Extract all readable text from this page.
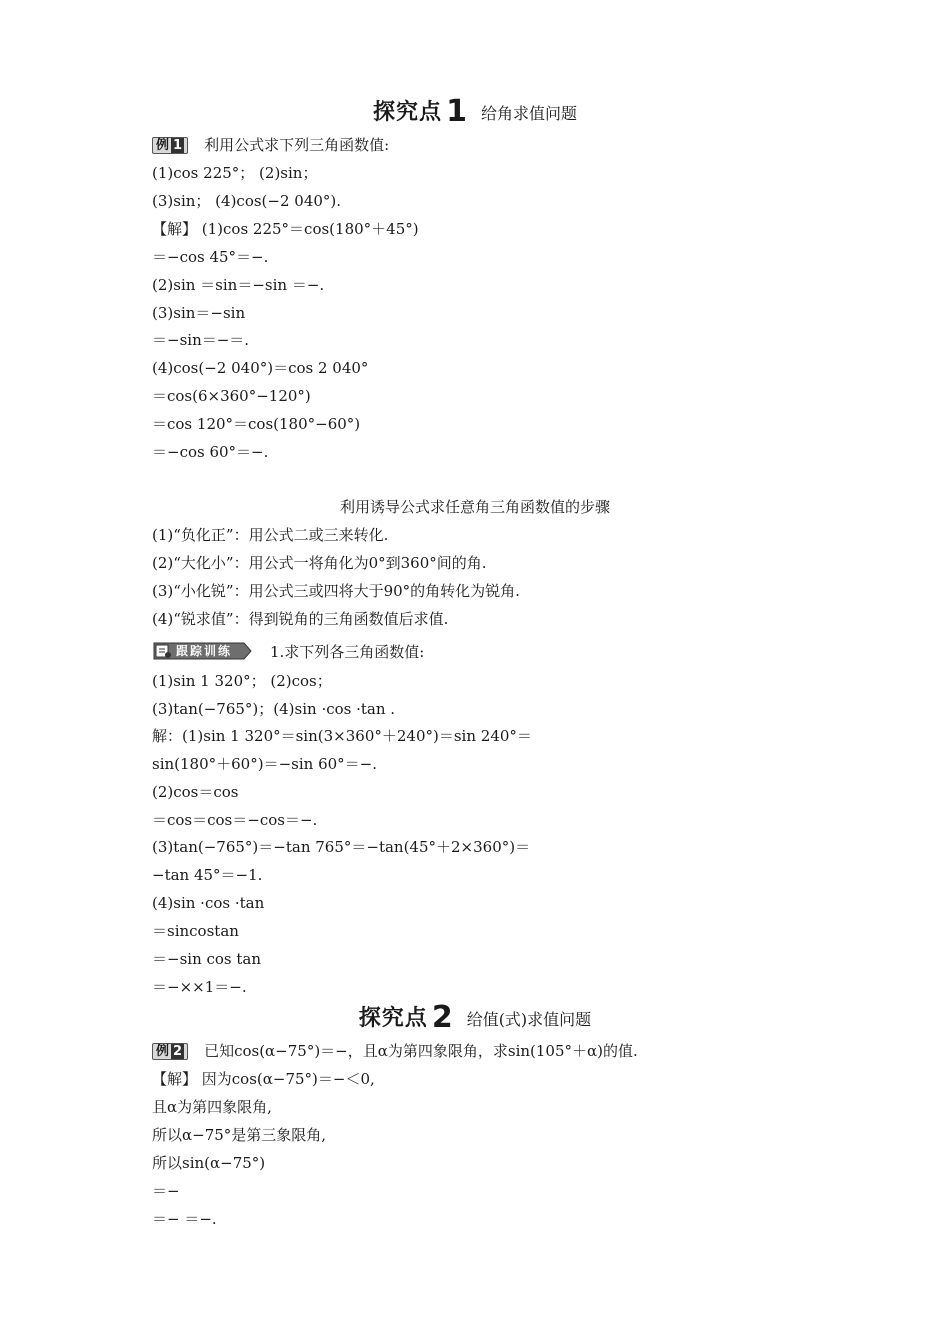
探究点 1 给角求值问题
例 1 利用公式求下列三角函数值:
(1)cos 225°； (2)sin；
(3)sin； (4)cos(−2 040°).
【解】 (1)cos 225°＝cos(180°＋45°)
＝−cos 45°＝−.
(2)sin ＝sin＝−sin ＝−.
(3)sin＝−sin
＝−sin＝−＝.
(4)cos(−2 040°)＝cos 2 040°
＝cos(6×360°−120°)
＝cos 120°＝cos(180°−60°)
＝−cos 60°＝−.
利用诱导公式求任意角三角函数值的步骤
(1)“负化正”：用公式二或三来转化.
(2)“大化小”：用公式一将角化为0°到360°间的角.
(3)“小化锐”：用公式三或四将大于90°的角转化为锐角.
(4)“锐求值”：得到锐角的三角函数值后求值.
跟踪训练	1.求下列各三角函数值:
(1)sin 1 320°； (2)cos；
(3)tan(−765°)；(4)sin ·cos ·tan .
解：(1)sin 1 320°＝sin(3×360°＋240°)＝sin 240°＝
sin(180°＋60°)＝−sin 60°＝−.
(2)cos＝cos
＝cos＝cos＝−cos＝−.
(3)tan(−765°)＝−tan 765°＝−tan(45°＋2×360°)＝
−tan 45°＝−1.
(4)sin ·cos ·tan
＝sincostan
＝−sin cos tan
＝−××1＝−.
探究点 2 给值(式)求值问题
例 2 已知cos(α−75°)＝−，且α为第四象限角，求sin(105°＋α)的值.
【解】 因为cos(α−75°)＝−＜0,
且α为第四象限角,
所以α−75°是第三象限角,
所以sin(α−75°)
＝−
＝− ＝−.
